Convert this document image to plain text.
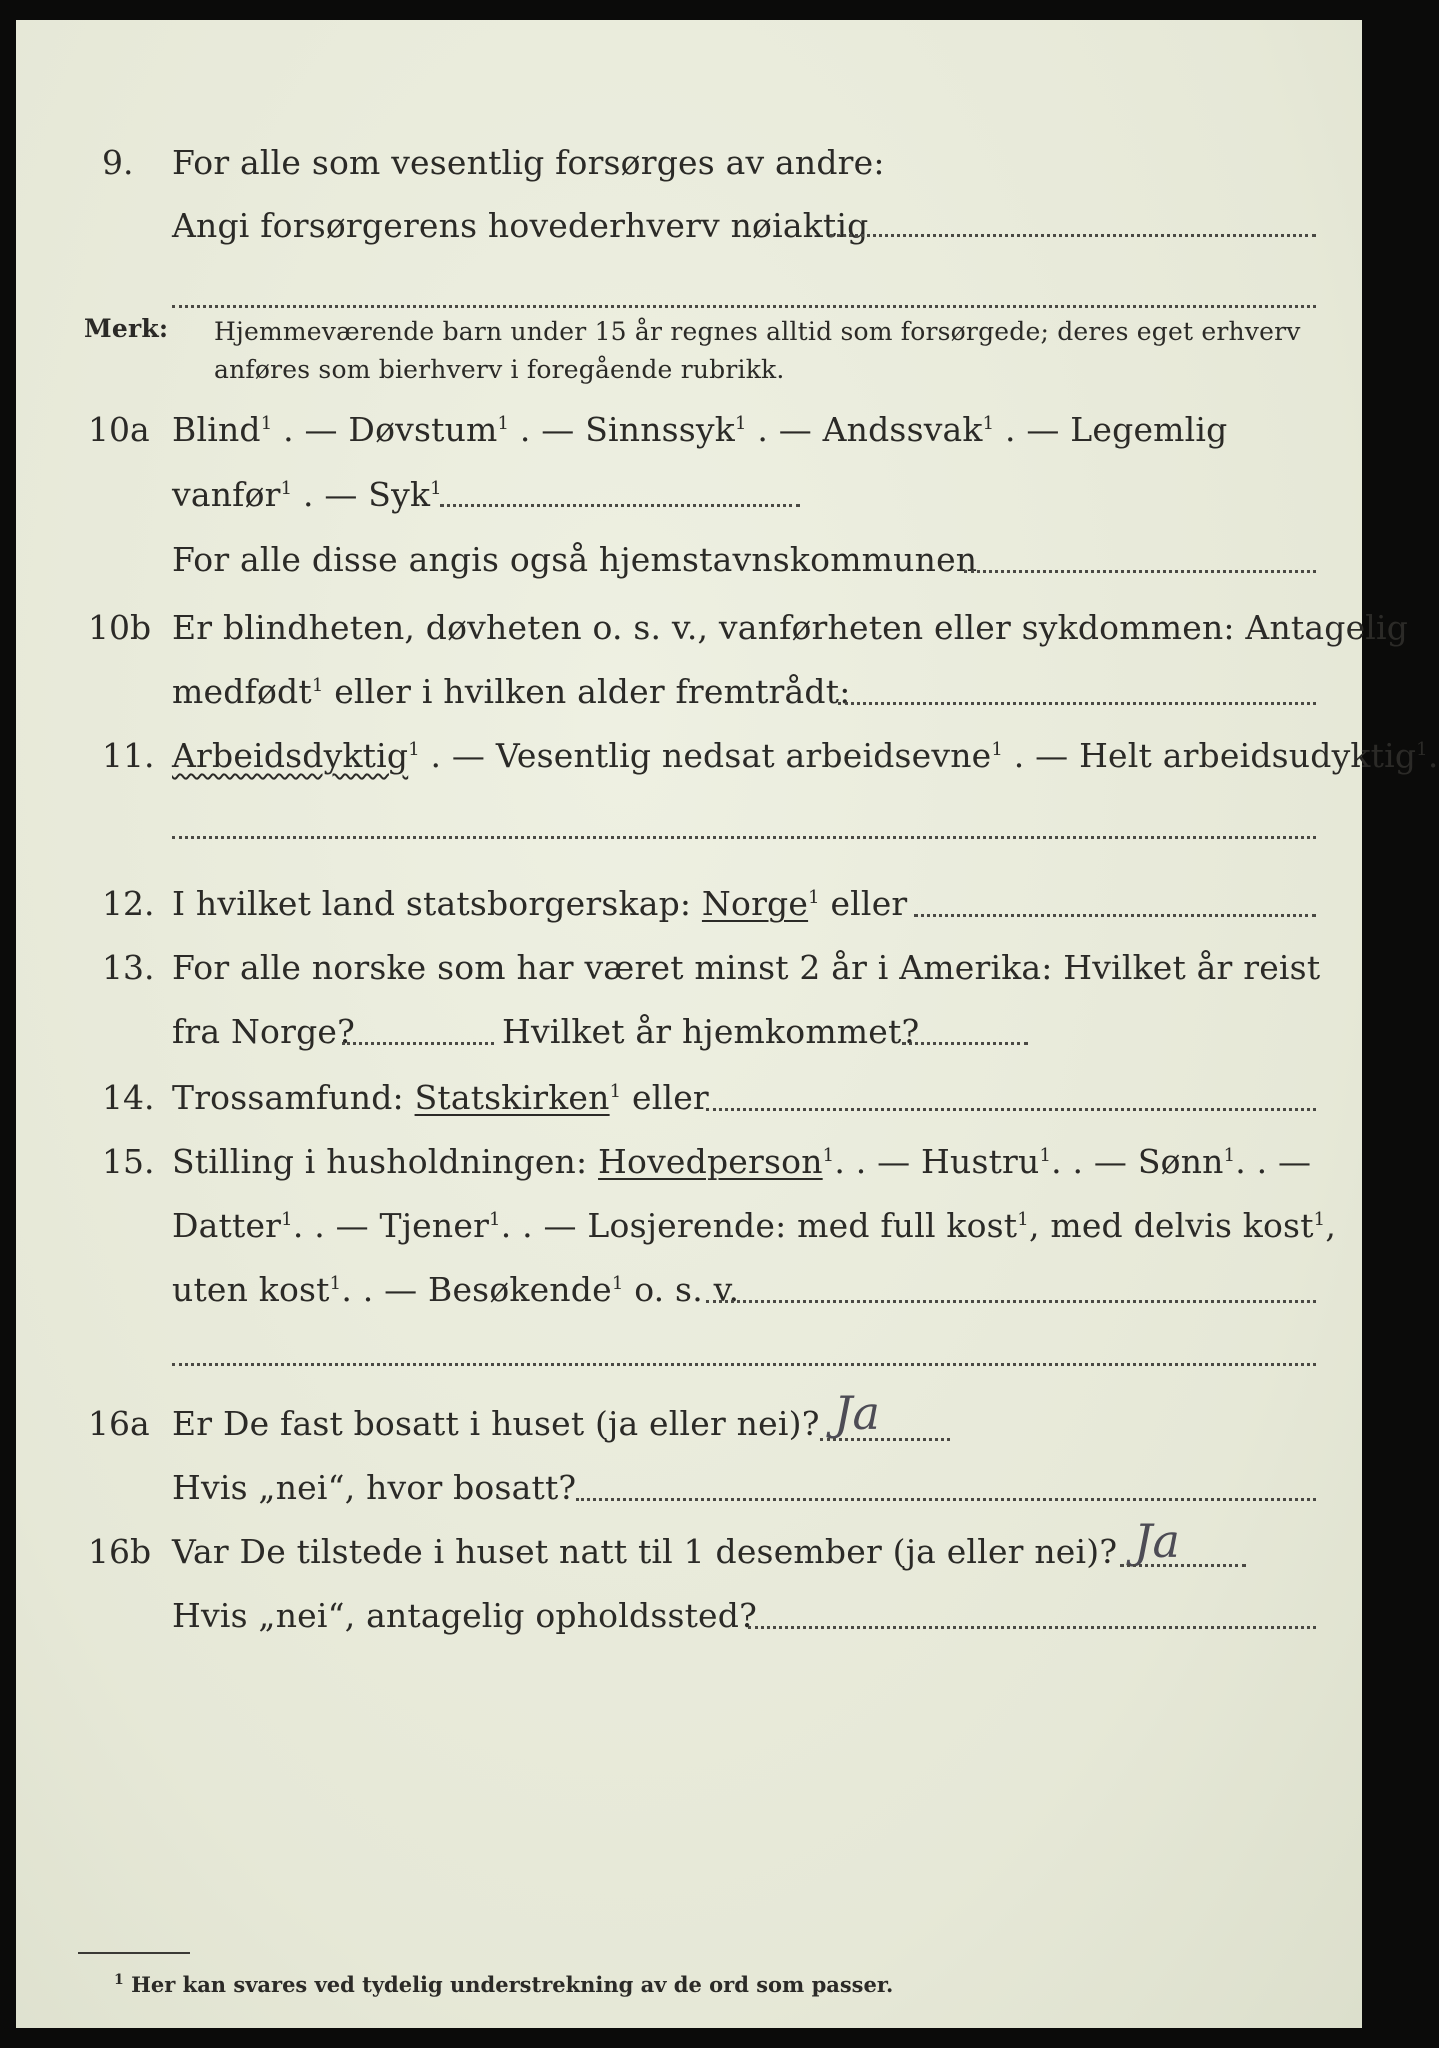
9. For alle som vesentlig forsørges av andre:
Angi forsørgerens hovederhverv nøiaktig
Merk: Hjemmeværende barn under 15 år regnes alltid som forsørgede; deres eget erhverv
anføres som bierhverv i foregående rubrikk.
10a Blind$^1$ . — Døvstum$^1$ . — Sinnssyk$^1$ . — Andssvak$^1$ . — Legemlig
vanfør$^1$ . — Syk$^1$
For alle disse angis også hjemstavnskommunen
10b Er blindheten, døvheten o. s. v., vanførheten eller sykdommen: Antagelig
medfødt$^1$ eller i hvilken alder fremtrådt:
11. Arbeidsdyktig$^1$ . — Vesentlig nedsat arbeidsevne$^1$ . — Helt arbeidsudyktig$^1$.
12. I hvilket land statsborgerskap: Norge$^1$ eller
13. For alle norske som har været minst 2 år i Amerika: Hvilket år reist
fra Norge?	Hvilket år hjemkommet?
14. Trossamfund: Statskirken$^1$ eller
15. Stilling i husholdningen: Hovedperson$^1$. . — Hustru$^1$. . — Sønn$^1$. . —
Datter$^1$. . — Tjener$^1$. . — Losjerende: med full kost$^1$, med delvis kost$^1$,
uten kost$^1$. . — Besøkende$^1$ o. s. v.
16a Er De fast bosatt i huset (ja eller nei)? Ja
Hvis „nei“, hvor bosatt?
16b Var De tilstede i huset natt til 1 desember (ja eller nei)? Ja
Hvis „nei“, antagelig opholdssted?
$^1$ Her kan svares ved tydelig understrekning av de ord som passer.
